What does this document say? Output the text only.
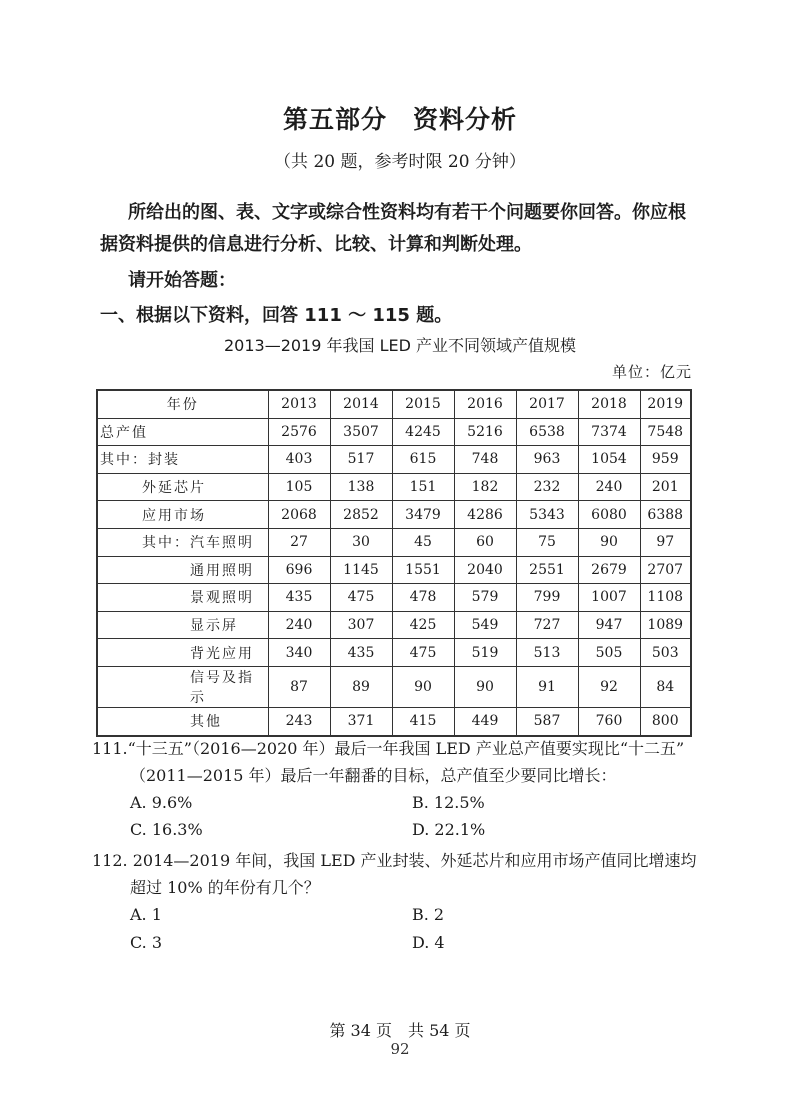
第五部分　资料分析
（共 20 题，参考时限 20 分钟）
所给出的图、表、文字或综合性资料均有若干个问题要你回答。你应根
据资料提供的信息进行分析、比较、计算和判断处理。
请开始答题：
一、根据以下资料，回答 111 ～ 115 题。
2013—2019 年我国 LED 产业不同领域产值规模
单位：亿元
年份	2013	2014	2015	2016	2017	2018	2019
总产值	2576	3507	4245	5216	6538	7374	7548
其中：封装	403	517	615	748	963	1054	959
外延芯片	105	138	151	182	232	240	201
应用市场	2068	2852	3479	4286	5343	6080	6388
其中：汽车照明	27	30	45	60	75	90	97
通用照明	696	1145	1551	2040	2551	2679	2707
景观照明	435	475	478	579	799	1007	1108
显示屏	240	307	425	549	727	947	1089
背光应用	340	435	475	519	513	505	503
信号及指示	87	89	90	90	91	92	84
其他	243	371	415	449	587	760	800
111.“十三五”（2016—2020 年）最后一年我国 LED 产业总产值要实现比“十二五”
（2011—2015 年）最后一年翻番的目标，总产值至少要同比增长：
A. 9.6%	B. 12.5%
C. 16.3%	D. 22.1%
112. 2014—2019 年间，我国 LED 产业封装、外延芯片和应用市场产值同比增速均
超过 10% 的年份有几个？
A. 1	B. 2
C. 3	D. 4
第 34 页　共 54 页
92
